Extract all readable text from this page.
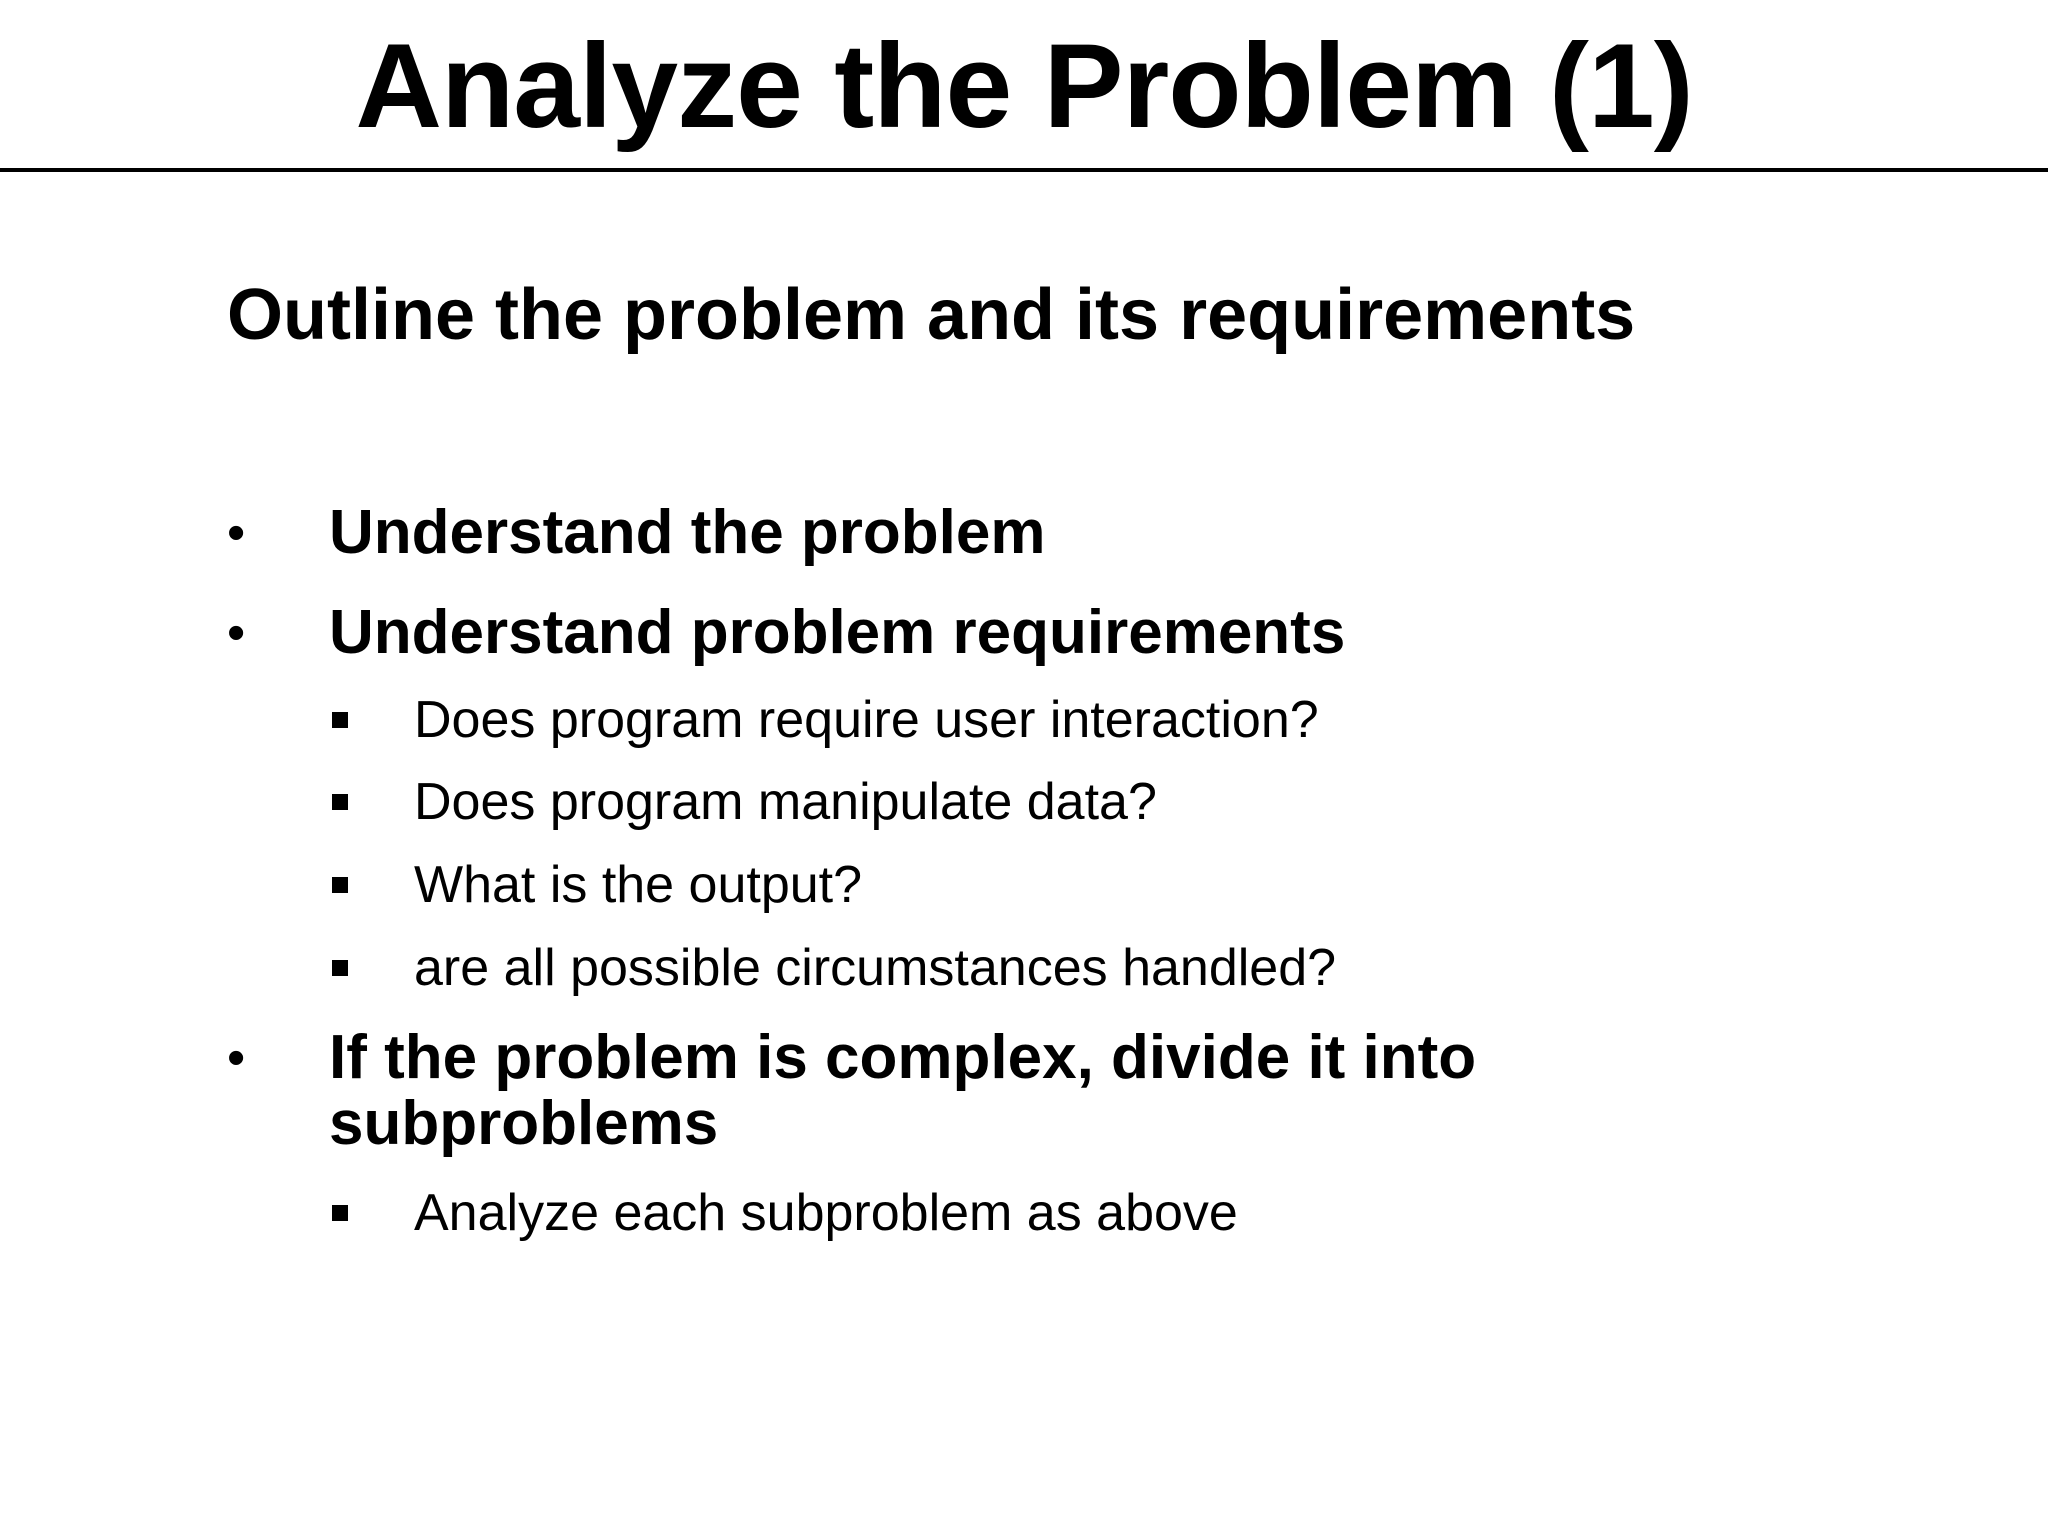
Analyze the Problem (1)
Outline the problem and its requirements
•	Understand the problem
•	Understand problem requirements
Does program require user interaction?
Does program manipulate data?
What is the output?
are all possible circumstances handled?
•	If the problem is complex, divide it into subproblems
Analyze each subproblem as above
